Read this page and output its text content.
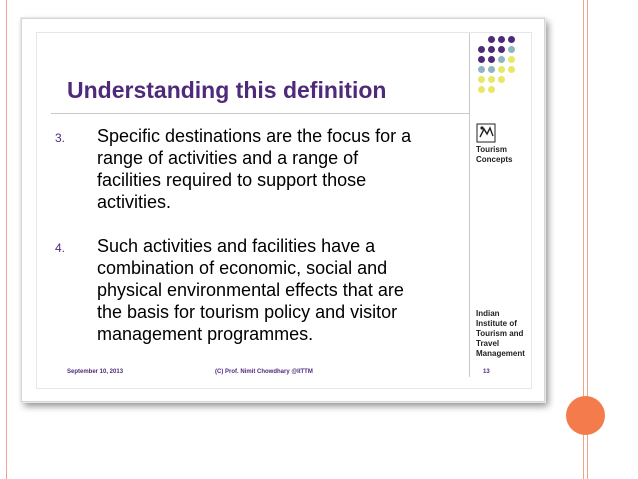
Understanding this definition
3. Specific destinations are the focus for a
range of activities and a range of
facilities required to support those
activities.

4. Such activities and facilities have a
combination of economic, social and
physical environmental effects that are
the basis for tourism policy and visitor
management programmes.

Tourism
Concepts
Indian
Institute of
Tourism and
Travel
Management
September 10, 2013	(C) Prof. Nimit Chowdhary @IITTM	13
